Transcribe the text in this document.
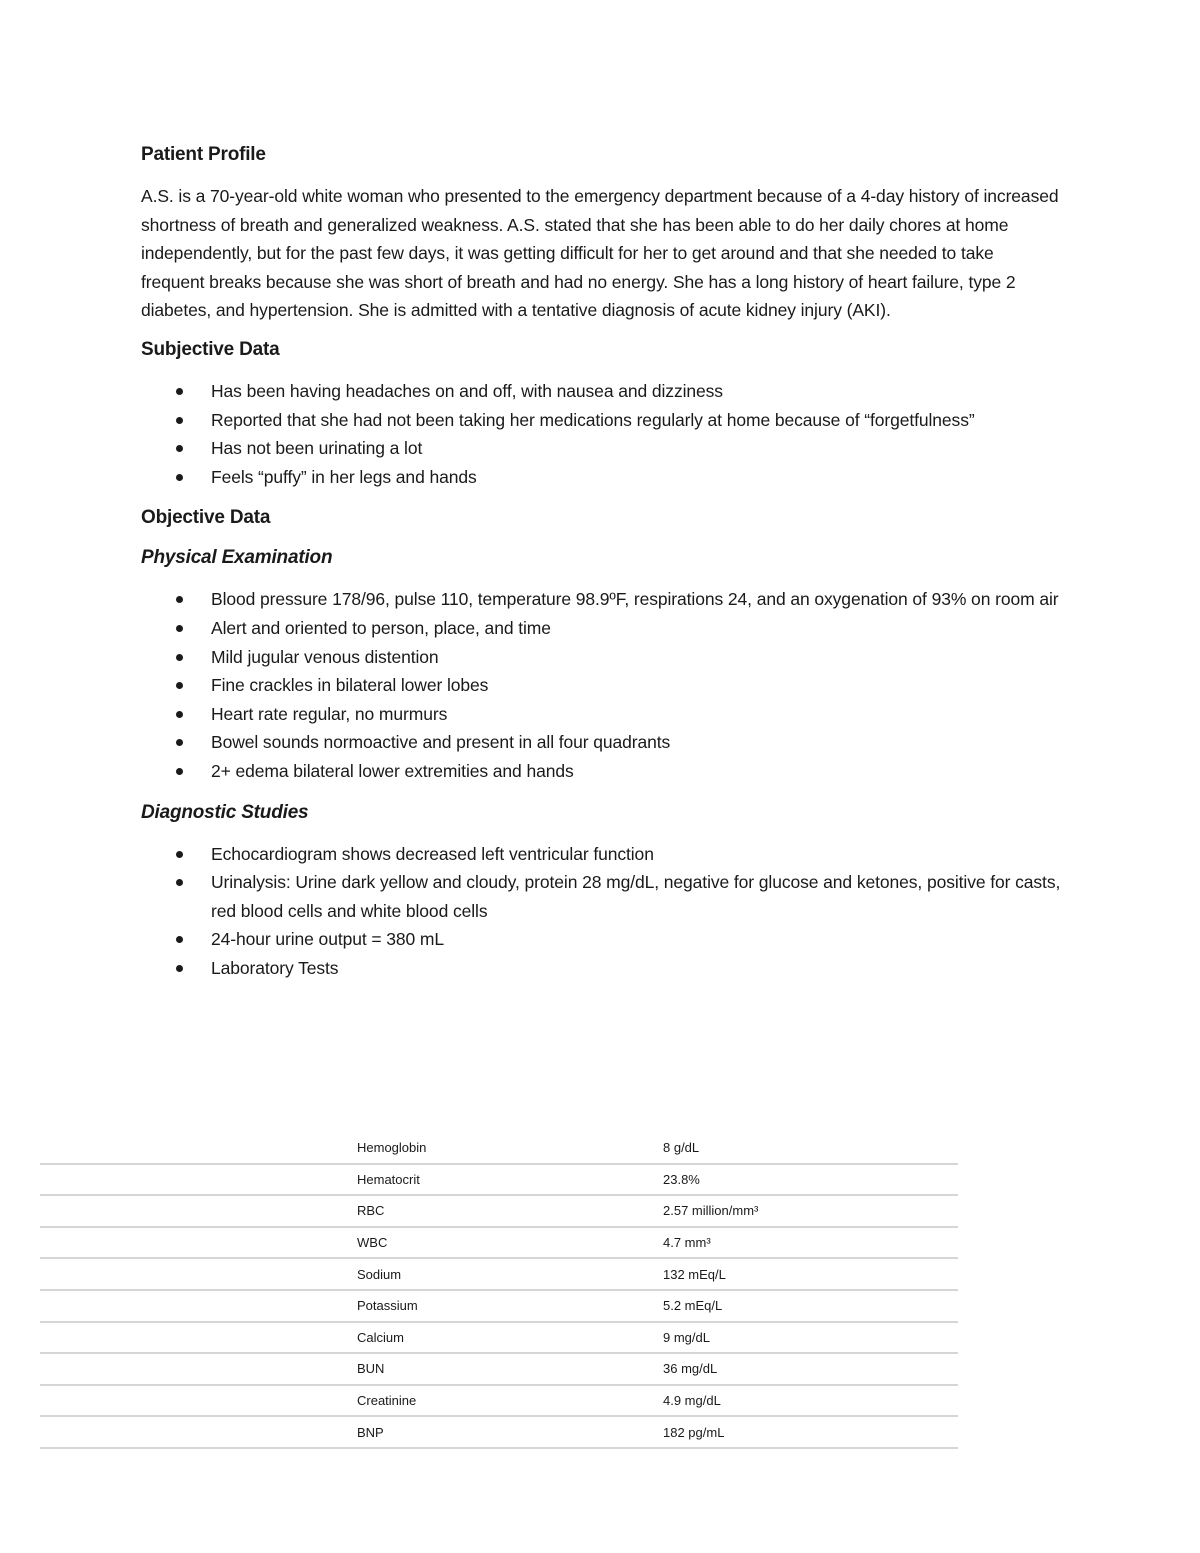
Patient Profile

A.S. is a 70-year-old white woman who presented to the emergency department because of a 4-day history of increased shortness of breath and generalized weakness. A.S. stated that she has been able to do her daily chores at home independently, but for the past few days, it was getting difficult for her to get around and that she needed to take frequent breaks because she was short of breath and had no energy. She has a long history of heart failure, type 2 diabetes, and hypertension. She is admitted with a tentative diagnosis of acute kidney injury (AKI).

Subjective Data
Has been having headaches on and off, with nausea and dizziness
Reported that she had not been taking her medications regularly at home because of “forgetfulness”
Has not been urinating a lot
Feels “puffy” in her legs and hands
Objective Data
Physical Examination
Blood pressure 178/96, pulse 110, temperature 98.9ºF, respirations 24, and an oxygenation of 93% on room air
Alert and oriented to person, place, and time
Mild jugular venous distention
Fine crackles in bilateral lower lobes
Heart rate regular, no murmurs
Bowel sounds normoactive and present in all four quadrants
2+ edema bilateral lower extremities and hands
Diagnostic Studies
Echocardiogram shows decreased left ventricular function
Urinalysis: Urine dark yellow and cloudy, protein 28 mg/dL, negative for glucose and ketones, positive for casts, red blood cells and white blood cells
24-hour urine output = 380 mL
Laboratory Tests
	Hemoglobin	8 g/dL
	Hematocrit	23.8%
	RBC	2.57 million/mm³
	WBC	4.7 mm³
	Sodium	132 mEq/L
	Potassium	5.2 mEq/L
	Calcium	9 mg/dL
	BUN	36 mg/dL
	Creatinine	4.9 mg/dL
	BNP	182 pg/mL
